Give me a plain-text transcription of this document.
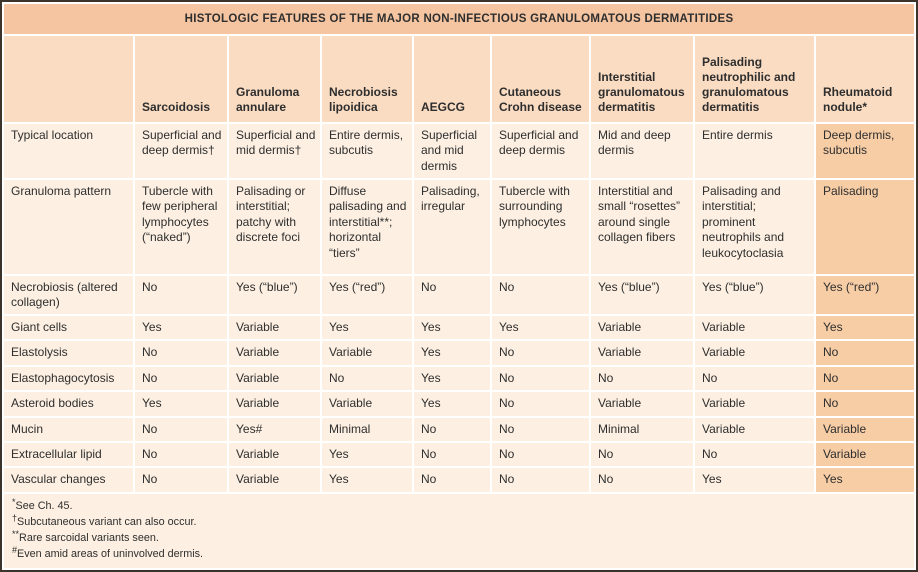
HISTOLOGIC FEATURES OF THE MAJOR NON-INFECTIOUS GRANULOMATOUS DERMATITIDES								
	Sarcoidosis	Granuloma annulare	Necrobiosis lipoidica	AEGCG	Cutaneous Crohn disease	Interstitial granulomatous dermatitis	Palisading neutrophilic and granulomatous dermatitis	Rheumatoid nodule*
Typical location	Superficial and deep dermis†	Superficial and mid dermis†	Entire dermis, subcutis	Superficial and mid dermis	Superficial and deep dermis	Mid and deep dermis	Entire dermis	Deep dermis, subcutis
Granuloma pattern	Tubercle with few peripheral lymphocytes (“naked”)	Palisading or interstitial; patchy with discrete foci	Diffuse palisading and interstitial**; horizontal “tiers”	Palisading, irregular	Tubercle with surrounding lymphocytes	Interstitial and small “rosettes” around single collagen fibers	Palisading and interstitial; prominent neutrophils and leukocytoclasia	Palisading
Necrobiosis (altered collagen)	No	Yes (“blue”)	Yes (“red”)	No	No	Yes (“blue”)	Yes (“blue”)	Yes (“red”)
Giant cells	Yes	Variable	Yes	Yes	Yes	Variable	Variable	Yes
Elastolysis	No	Variable	Variable	Yes	No	Variable	Variable	No
Elastophagocytosis	No	Variable	No	Yes	No	No	No	No
Asteroid bodies	Yes	Variable	Variable	Yes	No	Variable	Variable	No
Mucin	No	Yes#	Minimal	No	No	Minimal	Variable	Variable
Extracellular lipid	No	Variable	Yes	No	No	No	No	Variable
Vascular changes	No	Variable	Yes	No	No	No	Yes	Yes

*See Ch. 45.
†Subcutaneous variant can also occur.
**Rare sarcoidal variants seen.
#Even amid areas of uninvolved dermis.								
